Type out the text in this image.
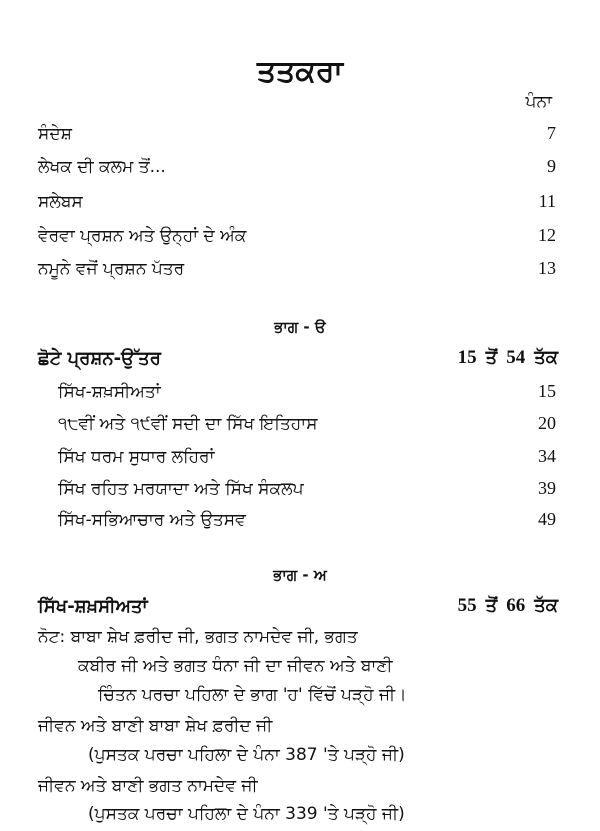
ਤਤਕਰਾ
ਪੰਨਾ
ਸੰਦੇਸ਼	7
ਲੇਖਕ ਦੀ ਕਲਮ ਤੋਂ...	9
ਸਲੇਬਸ	11
ਵੇਰਵਾ ਪ੍ਰਸ਼ਨ ਅਤੇ ਉਨ੍ਹਾਂ ਦੇ ਅੰਕ	12
ਨਮੂਨੇ ਵਜੋਂ ਪ੍ਰਸ਼ਨ ਪੱਤਰ	13
ਭਾਗ - ੳ
ਛੋਟੇ ਪ੍ਰਸ਼ਨ-ਉੱਤਰ	15 ਤੋਂ 54 ਤੱਕ
ਸਿੱਖ-ਸ਼ਖ਼ਸੀਅਤਾਂ	15
੧੮ਵੀਂ ਅਤੇ ੧੯ਵੀਂ ਸਦੀ ਦਾ ਸਿੱਖ ਇਤਿਹਾਸ	20
ਸਿੱਖ ਧਰਮ ਸੁਧਾਰ ਲਹਿਰਾਂ	34
ਸਿੱਖ ਰਹਿਤ ਮਰਯਾਦਾ ਅਤੇ ਸਿੱਖ ਸੰਕਲਪ	39
ਸਿੱਖ-ਸਭਿਆਚਾਰ ਅਤੇ ਉਤਸਵ	49
ਭਾਗ - ਅ
ਸਿੱਖ-ਸ਼ਖ਼ਸੀਅਤਾਂ	55 ਤੋਂ 66 ਤੱਕ
ਨੋਟ: ਬਾਬਾ ਸ਼ੇਖ ਫ਼ਰੀਦ ਜੀ, ਭਗਤ ਨਾਮਦੇਵ ਜੀ, ਭਗਤ
ਕਬੀਰ ਜੀ ਅਤੇ ਭਗਤ ਧੰਨਾ ਜੀ ਦਾ ਜੀਵਨ ਅਤੇ ਬਾਣੀ
ਚਿੰਤਨ ਪਰਚਾ ਪਹਿਲਾ ਦੇ ਭਾਗ 'ਹ' ਵਿੱਚੋਂ ਪੜ੍ਹੋ ਜੀ।
ਜੀਵਨ ਅਤੇ ਬਾਣੀ ਬਾਬਾ ਸ਼ੇਖ ਫ਼ਰੀਦ ਜੀ
(ਪੁਸਤਕ ਪਰਚਾ ਪਹਿਲਾ ਦੇ ਪੰਨਾ 387 'ਤੇ ਪੜ੍ਹੋ ਜੀ)
ਜੀਵਨ ਅਤੇ ਬਾਣੀ ਭਗਤ ਨਾਮਦੇਵ ਜੀ
(ਪੁਸਤਕ ਪਰਚਾ ਪਹਿਲਾ ਦੇ ਪੰਨਾ 339 'ਤੇ ਪੜ੍ਹੋ ਜੀ)
